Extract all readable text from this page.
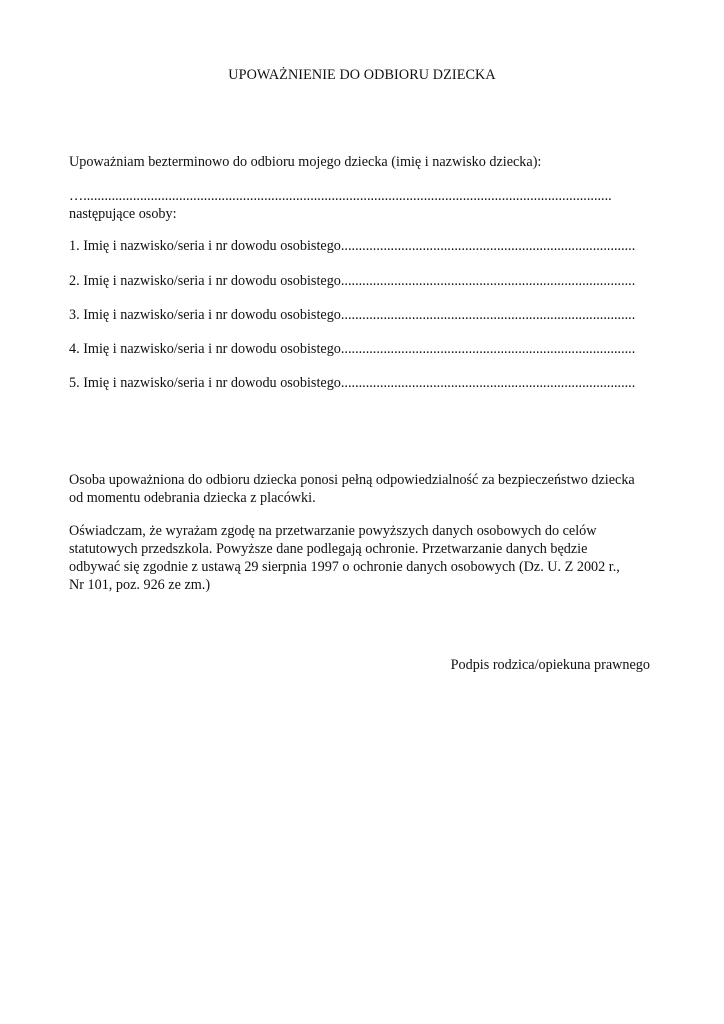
UPOWAŻNIENIE DO ODBIORU DZIECKA
Upoważniam bezterminowo do odbioru mojego dziecka (imię i nazwisko dziecka):
….....................................................................................................................................................
następujące osoby:
1. Imię i nazwisko/seria i nr dowodu osobistego...................................................................................
2. Imię i nazwisko/seria i nr dowodu osobistego...................................................................................
3. Imię i nazwisko/seria i nr dowodu osobistego...................................................................................
4. Imię i nazwisko/seria i nr dowodu osobistego...................................................................................
5. Imię i nazwisko/seria i nr dowodu osobistego...................................................................................

Osoba upoważniona do odbioru dziecka ponosi pełną odpowiedzialność za bezpieczeństwo dziecka

od momentu odebrania dziecka z placówki.

Oświadczam, że wyrażam zgodę na przetwarzanie powyższych danych osobowych do celów

statutowych przedszkola. Powyższe dane podlegają ochronie. Przetwarzanie danych będzie

odbywać się zgodnie z ustawą 29 sierpnia 1997 o ochronie danych osobowych (Dz. U. Z 2002 r.,

Nr 101, poz. 926 ze zm.)

Podpis rodzica/opiekuna prawnego
